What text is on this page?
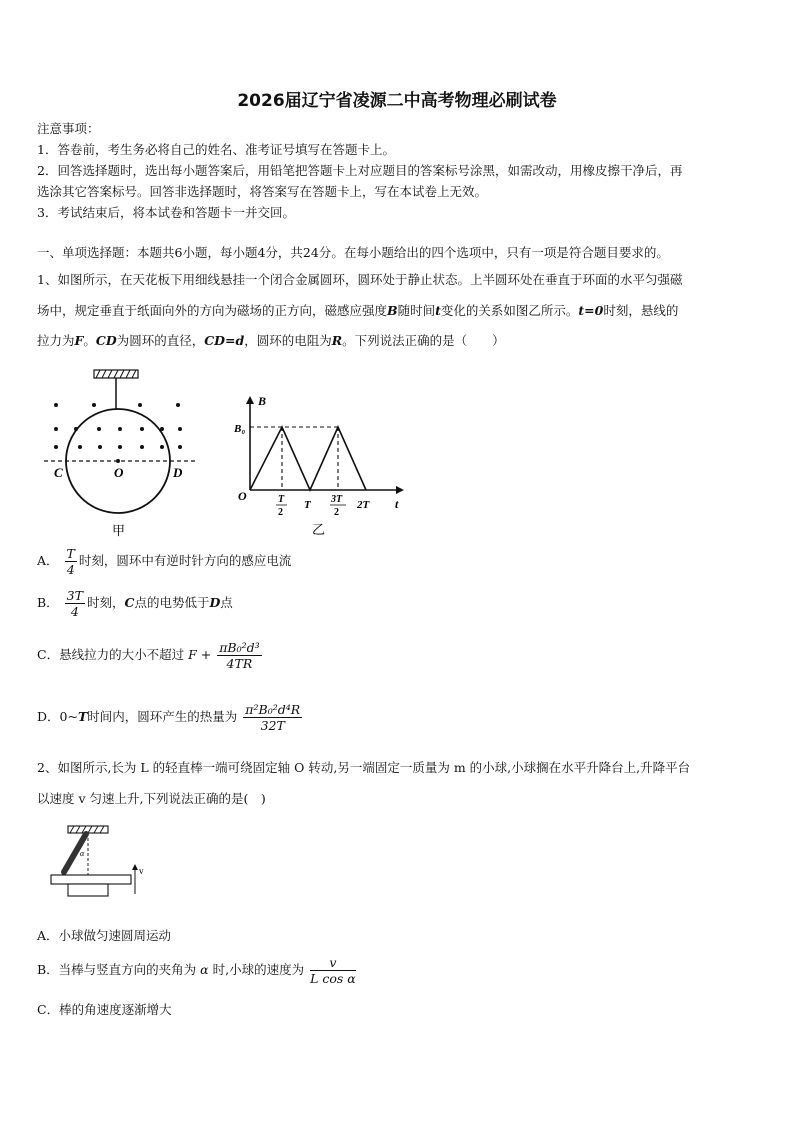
2026届辽宁省凌源二中高考物理必刷试卷
注意事项：
1．答卷前，考生务必将自己的姓名、准考证号填写在答题卡上。
2．回答选择题时，选出每小题答案后，用铅笔把答题卡上对应题目的答案标号涂黑，如需改动，用橡皮擦干净后，再
选涂其它答案标号。回答非选择题时，将答案写在答题卡上，写在本试卷上无效。
3．考试结束后，将本试卷和答题卡一并交回。
一、单项选择题：本题共6小题，每小题4分，共24分。在每小题给出的四个选项中，只有一项是符合题目要求的。
1、如图所示，在天花板下用细线悬挂一个闭合金属圆环，圆环处于静止状态。上半圆环处在垂直于环面的水平匀强磁
场中，规定垂直于纸面向外的方向为磁场的正方向，磁感应强度B随时间t变化的关系如图乙所示。t=0时刻，悬线的
拉力为F。CD为圆环的直径，CD=d，圆环的电阻为R。下列说法正确的是（　　）
C	O	D
甲
B
B₀
O
t
T
2
T 3T
2
2T
乙
A． $\frac{T}{4}$ 时刻，圆环中有逆时针方向的感应电流
B． $\frac{3T}{4}$ 时刻，C点的电势低于D点
C．悬线拉力的大小不超过 $F + \frac{\text{πB₀²d³}}{4TR}$
D．0~T时间内，圆环产生的热量为 $\frac{\text{π²B₀²d⁴R}}{32T}$
2、如图所示,长为 L 的轻直棒一端可绕固定轴 O 转动,另一端固定一质量为 m 的小球,小球搁在水平升降台上,升降平台
以速度 v 匀速上升,下列说法正确的是(　)
α
v
A．小球做匀速圆周运动
B．当棒与竖直方向的夹角为 α 时,小球的速度为 $\frac{v}{\text{L cos α}}$
C．棒的角速度逐渐增大
